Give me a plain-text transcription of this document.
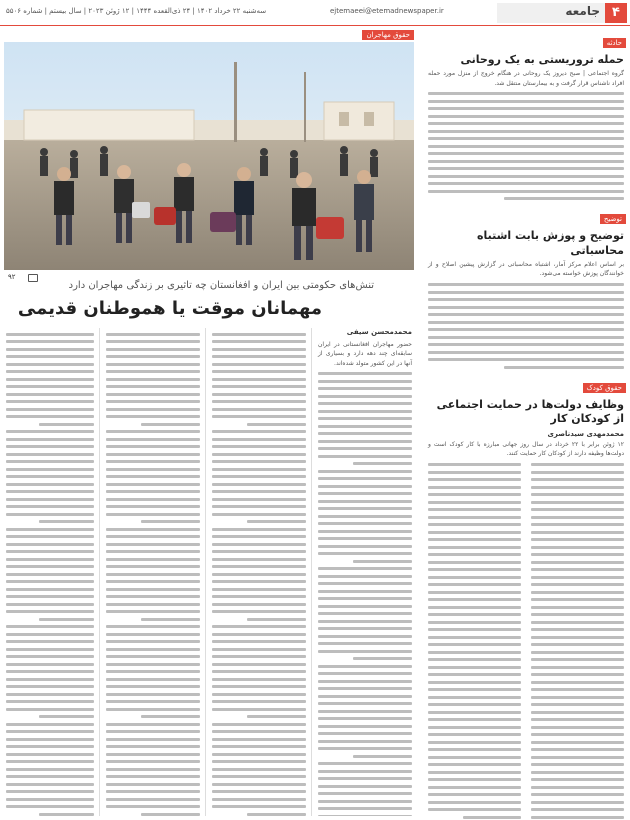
۴
جامعه
ejtemaeei@etemadnewspaper.ir
سه‌شنبه ۲۲ خرداد ۱۴۰۲ | ۲۴ ذی‌القعده ۱۴۴۴ | ۱۲ ژوئن ۲۰۲۳ | سال بیستم | شماره ۵۵۰۶
حادثه
حمله تروریستی به یک روحانی
گروه اجتماعی | صبح دیروز یک روحانی در هنگام خروج از منزل مورد حمله افراد ناشناس قرار گرفت و به بیمارستان منتقل شد.
توضیح
توضیح و پوزش بابت اشتباه محاسباتی
بر اساس اعلام مرکز آمار، اشتباه محاسباتی در گزارش پیشین اصلاح و از خوانندگان پوزش خواسته می‌شود.
حقوق کودک
وظایف دولت‌ها در حمایت اجتماعی از کودکان کار
محمدمهدی سیدناصری
۱۲ ژوئن برابر با ۲۲ خرداد در سال روز جهانی مبارزه با کار کودک است و دولت‌ها وظیفه دارند از کودکان کار حمایت کنند.
حقوق مهاجران
۹۲
تنش‌های حکومتی بین ایران و افغانستان چه تاثیری بر زندگی مهاجران دارد
مهمانان موقت یا هموطنان قدیمی
محمدمحسن سیفی
حضور مهاجران افغانستانی در ایران سابقه‌ای چند دهه دارد و بسیاری از آنها در این کشور متولد شده‌اند.
